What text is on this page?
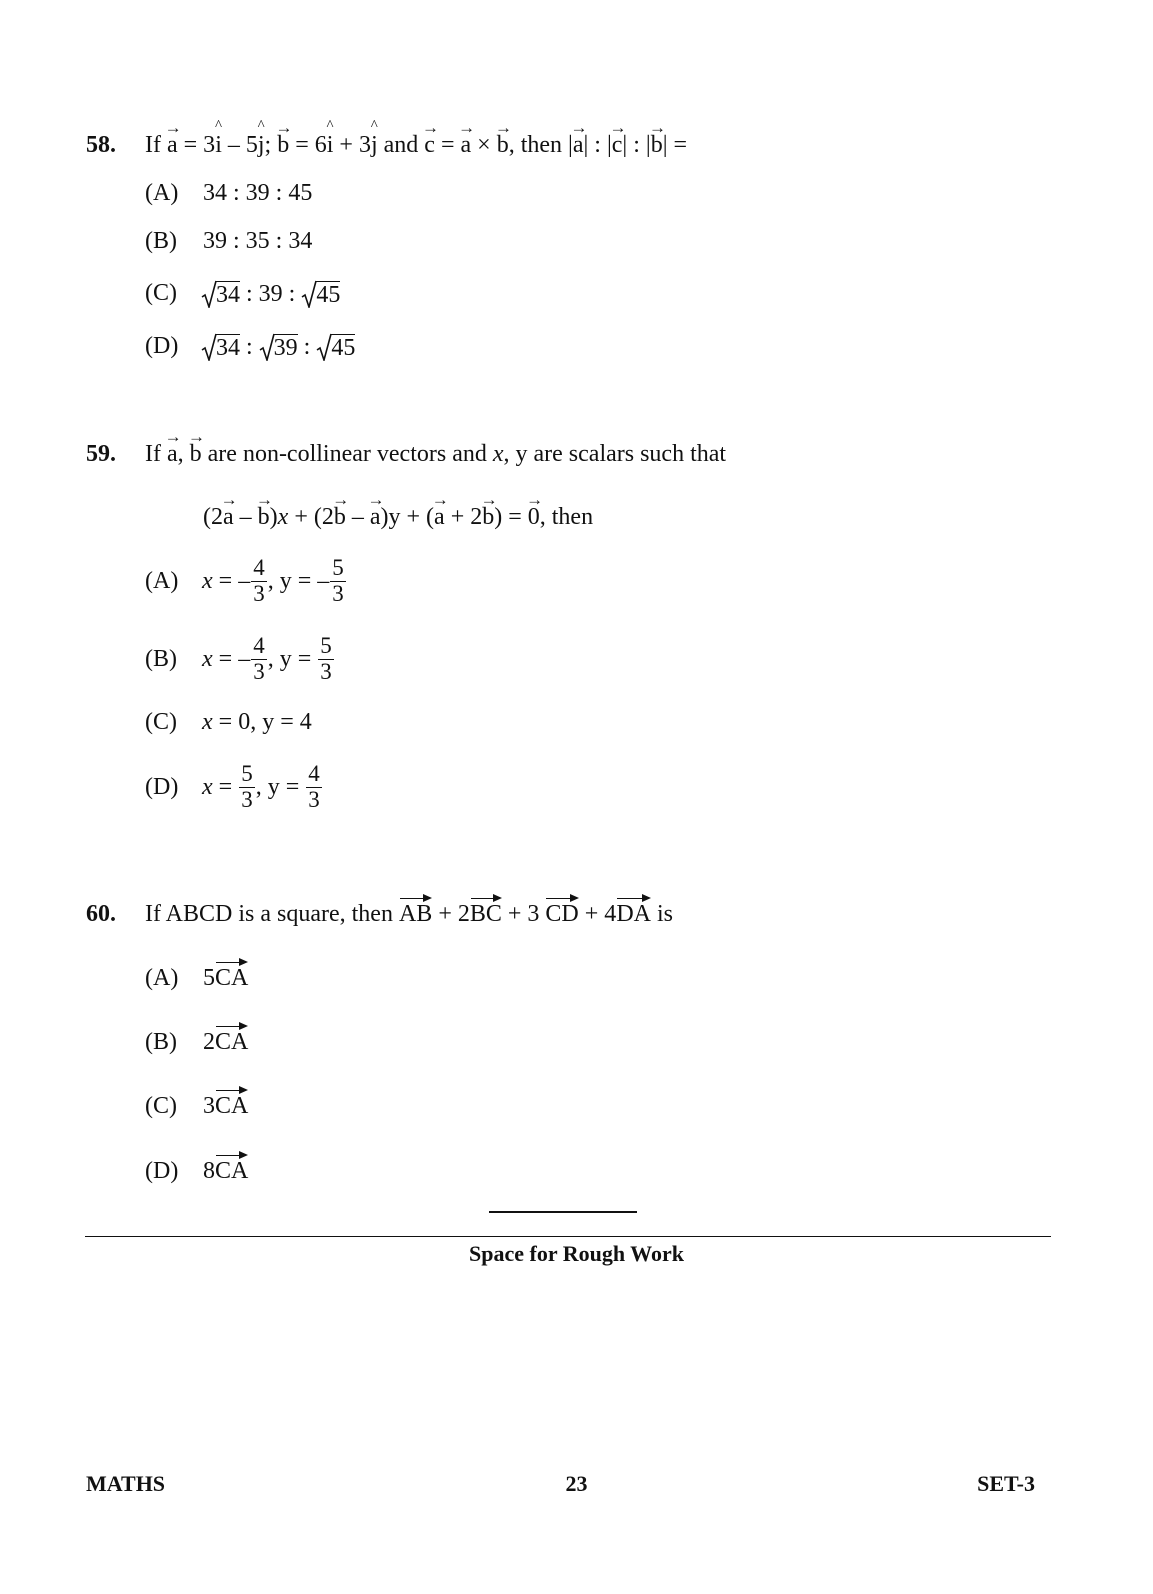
58. If → a = 3^ i – 5^ j; → b = 6^ i + 3^ j and → c = → a × → b, then |→ a| : |→ c| : |→ b| =
(A) 34 : 39 : 45
(B) 39 : 35 : 34
(C) 34 : 39 : 45
(D) 34 : 39 : 45
59. If → a, → b are non-collinear vectors and x, y are scalars such that
(2→ a – → b)x + (2→ b – → a)y + (→ a + 2→ b) = → 0, then
(A) x = – $\frac{4}{3}$ , y = – $\frac{5}{3}$
(B) x = – $\frac{4}{3}$ , $y = \frac{5}{3}$
(C) x = 0, y = 4
(D) $x = \frac{5}{3}$ , $y = \frac{4}{3}$
60. If ABCD is a square, then AB + 2BC + 3 CD + 4DA is
(A) 5CA
(B) 2CA
(C) 3CA
(D) 8CA
Space for Rough Work
MATHS	23	SET-3
